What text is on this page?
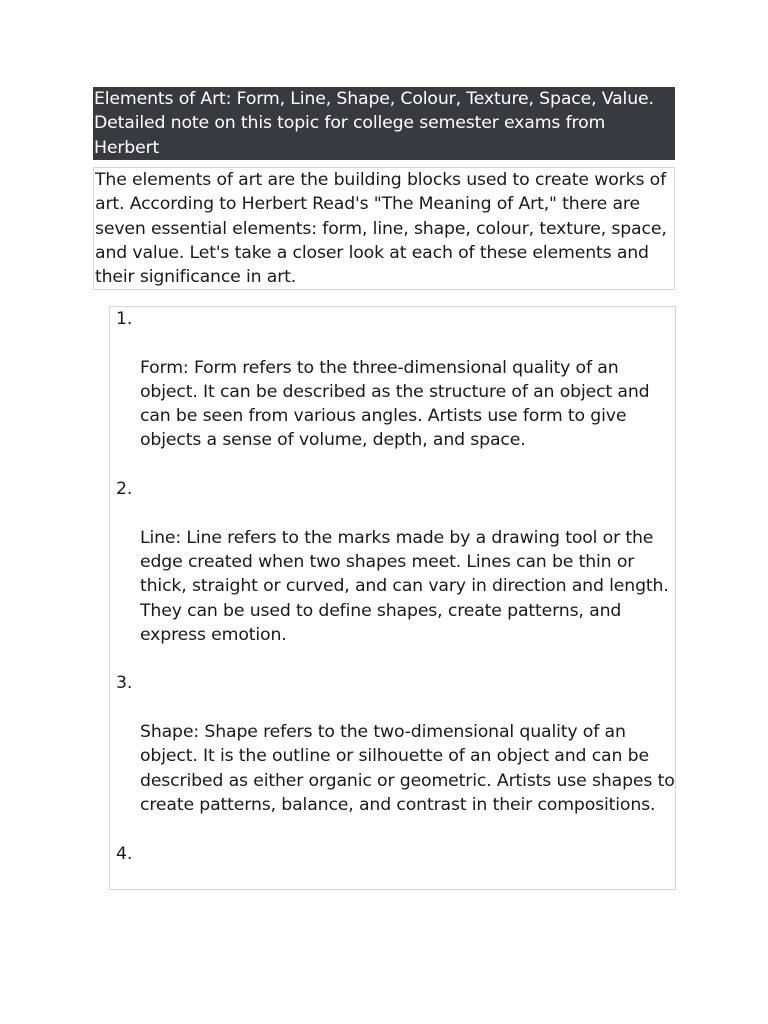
Elements of Art: Form, Line, Shape, Colour, Texture, Space, Value.
Detailed note on this topic for college semester exams from Herbert

The elements of art are the building blocks used to create works of
art. According to Herbert Read's "The Meaning of Art," there are
seven essential elements: form, line, shape, colour, texture, space,
and value. Let's take a closer look at each of these elements and
their significance in art.

1.

Form: Form refers to the three-dimensional quality of an
object. It can be described as the structure of an object and
can be seen from various angles. Artists use form to give
objects a sense of volume, depth, and space.

2.

Line: Line refers to the marks made by a drawing tool or the
edge created when two shapes meet. Lines can be thin or
thick, straight or curved, and can vary in direction and length.
They can be used to define shapes, create patterns, and
express emotion.

3.

Shape: Shape refers to the two-dimensional quality of an
object. It is the outline or silhouette of an object and can be
described as either organic or geometric. Artists use shapes to
create patterns, balance, and contrast in their compositions.

4.
